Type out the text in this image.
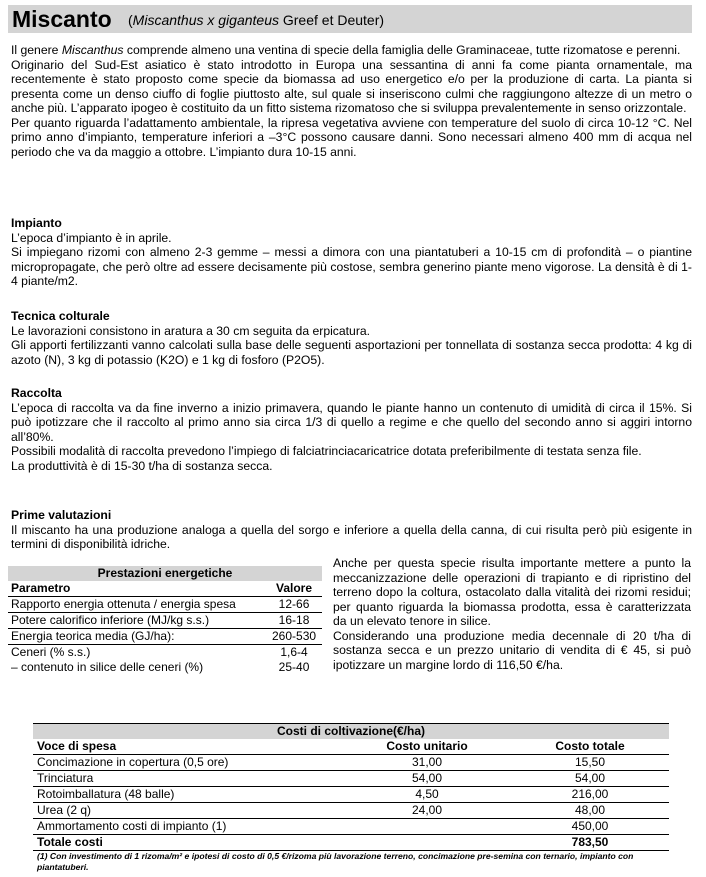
Miscanto (Miscanthus x giganteus Greef et Deuter)

Il genere Miscanthus comprende almeno una ventina di specie della famiglia delle Graminaceae, tutte rizomatose e perenni.

Originario del Sud-Est asiatico è stato introdotto in Europa una sessantina di anni fa come pianta ornamentale, ma recentemente è stato proposto come specie da biomassa ad uso energetico e/o per la produzione di carta. La pianta si presenta come un denso ciuffo di foglie piuttosto alte, sul quale si inseriscono culmi che raggiungono altezze di un metro o anche più. L’apparato ipogeo è costituito da un fitto sistema rizomatoso che si sviluppa prevalentemente in senso orizzontale.

Per quanto riguarda l’adattamento ambientale, la ripresa vegetativa avviene con temperature del suolo di circa 10-12 °C. Nel primo anno d’impianto, temperature inferiori a –3°C possono causare danni. Sono necessari almeno 400 mm di acqua nel periodo che va da maggio a ottobre. L’impianto dura 10-15 anni.

Impianto

L’epoca d’impianto è in aprile.

Si impiegano rizomi con almeno 2-3 gemme – messi a dimora con una piantatuberi a 10-15 cm di profondità – o piantine micropropagate, che però oltre ad essere decisamente più costose, sembra generino piante meno vigorose. La densità è di 1-4 piante/m2.

Tecnica colturale

Le lavorazioni consistono in aratura a 30 cm seguita da erpicatura.

Gli apporti fertilizzanti vanno calcolati sulla base delle seguenti asportazioni per tonnellata di sostanza secca prodotta: 4 kg di azoto (N), 3 kg di potassio (K2O) e 1 kg di fosforo (P2O5).

Raccolta

L’epoca di raccolta va da fine inverno a inizio primavera, quando le piante hanno un contenuto di umidità di circa il 15%. Si può ipotizzare che il raccolto al primo anno sia circa 1/3 di quello a regime e che quello del secondo anno si aggiri intorno all’80%.

Possibili modalità di raccolta prevedono l’impiego di falciatrinciacaricatrice dotata preferibilmente di testata senza file.

La produttività è di 15-30 t/ha di sostanza secca.

Prime valutazioni

Il miscanto ha una produzione analoga a quella del sorgo e inferiore a quella della canna, di cui risulta però più esigente in termini di disponibilità idriche.

Prestazioni energetiche	
Parametro	Valore
Rapporto energia ottenuta / energia spesa	12-66
Potere calorifico inferiore (MJ/kg s.s.)	16-18
Energia teorica media (GJ/ha):	260-530
Ceneri (% s.s.)	1,6-4
– contenuto in silice delle ceneri (%)	25-40

Anche per questa specie risulta importante mettere a punto la meccanizzazione delle operazioni di trapianto e di ripristino del terreno dopo la coltura, ostacolato dalla vitalità dei rizomi residui; per quanto riguarda la biomassa prodotta, essa è caratterizzata da un elevato tenore in silice.

Considerando una produzione media decennale di 20 t/ha di sostanza secca e un prezzo unitario di vendita di € 45, si può ipotizzare un margine lordo di 116,50 €/ha.

Costi di coltivazione(€/ha)		
Voce di spesa	Costo unitario	Costo totale
Concimazione in copertura (0,5 ore)	31,00	15,50
Trinciatura	54,00	54,00
Rotoimballatura (48 balle)	4,50	216,00
Urea (2 q)	24,00	48,00
Ammortamento costi di impianto (1)		450,00
Totale costi		783,50
(1) Con investimento di 1 rizoma/m² e ipotesi di costo di 0,5 €/rizoma più lavorazione terreno, concimazione pre-semina con ternario, impianto con piantatuberi.
